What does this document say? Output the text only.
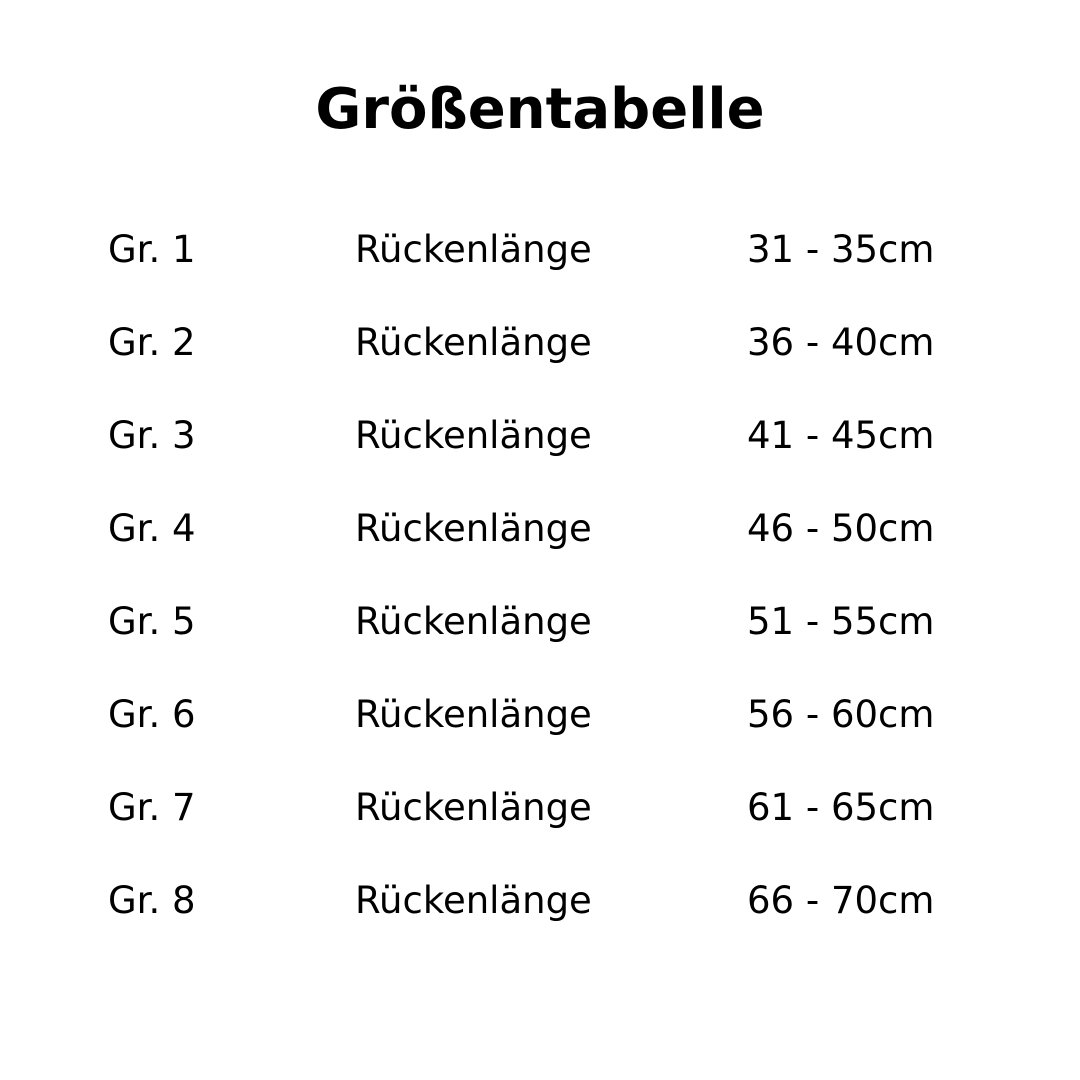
Größentabelle
Gr. 1	Rückenlänge	31 - 35cm
Gr. 2	Rückenlänge	36 - 40cm
Gr. 3	Rückenlänge	41 - 45cm
Gr. 4	Rückenlänge	46 - 50cm
Gr. 5	Rückenlänge	51 - 55cm
Gr. 6	Rückenlänge	56 - 60cm
Gr. 7	Rückenlänge	61 - 65cm
Gr. 8	Rückenlänge	66 - 70cm
